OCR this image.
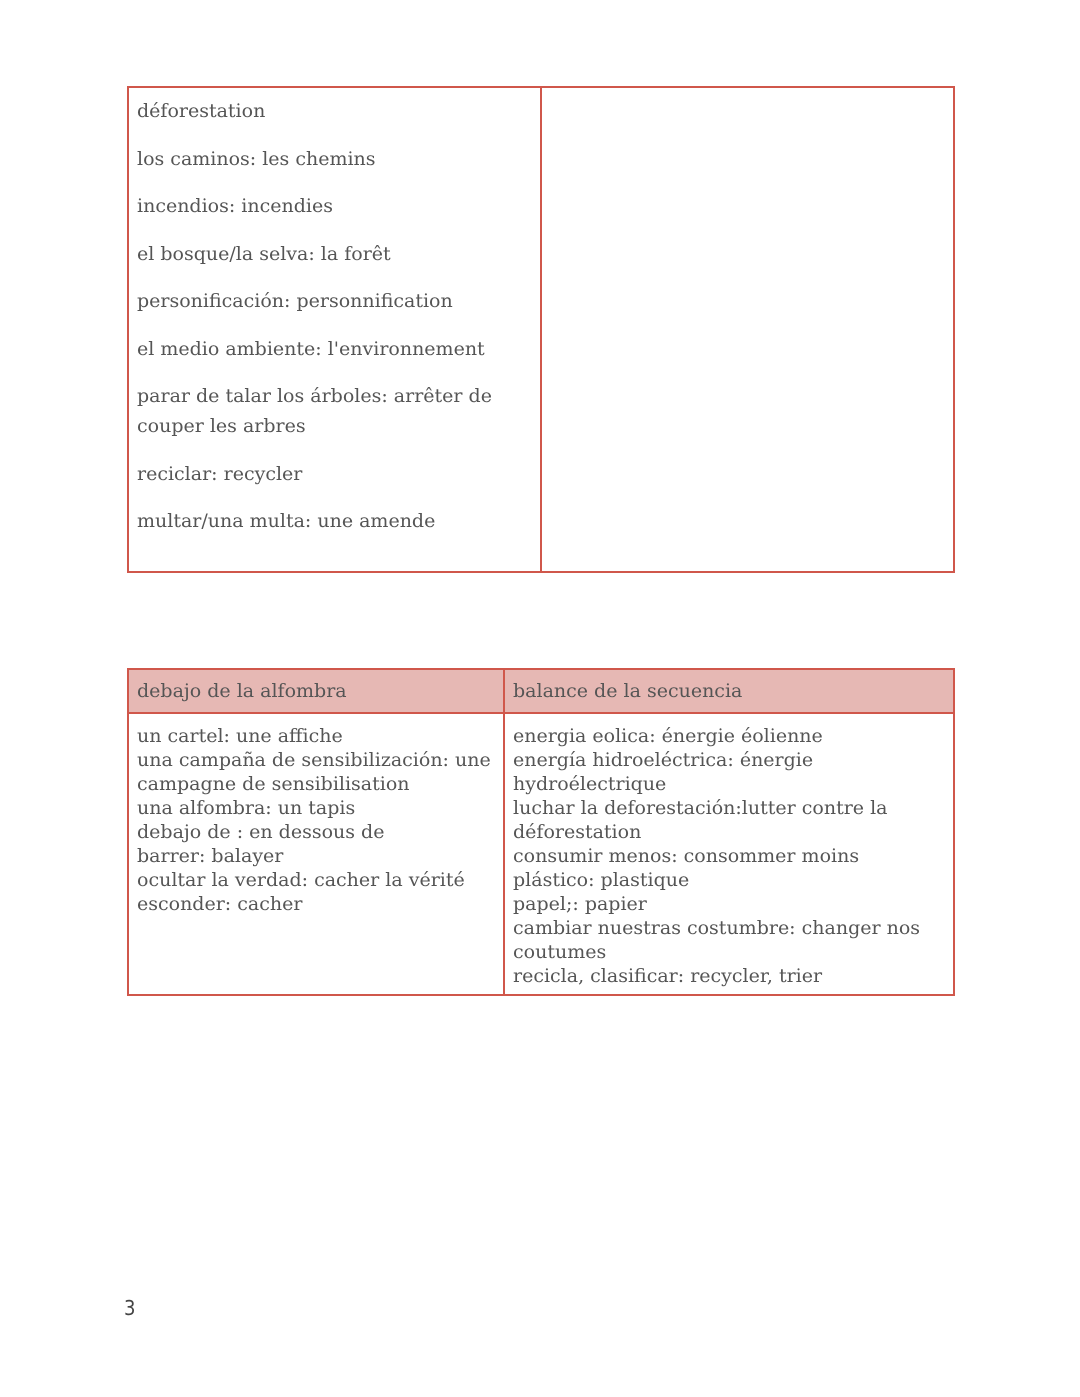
déforestation
los caminos: les chemins
incendios: incendies
el bosque/la selva: la forêt
personificación: personnification
el medio ambiente: l'environnement
parar de talar los árboles: arrêter de couper les arbres
reciclar: recycler
multar/una multa: une amende
debajo de la alfombra	balance de la secuencia
un cartel: une affiche
una campaña de sensibilización: une
campagne de sensibilisation
una alfombra: un tapis
debajo de : en dessous de
barrer: balayer
ocultar la verdad: cacher la vérité
esconder: cacher
energia eolica: énergie éolienne
energía hidroeléctrica: énergie
hydroélectrique
luchar la deforestación:lutter contre la
déforestation
consumir menos: consommer moins
plástico: plastique
papel;: papier
cambiar nuestras costumbre: changer nos
coutumes
recicla, clasificar: recycler, trier
3
